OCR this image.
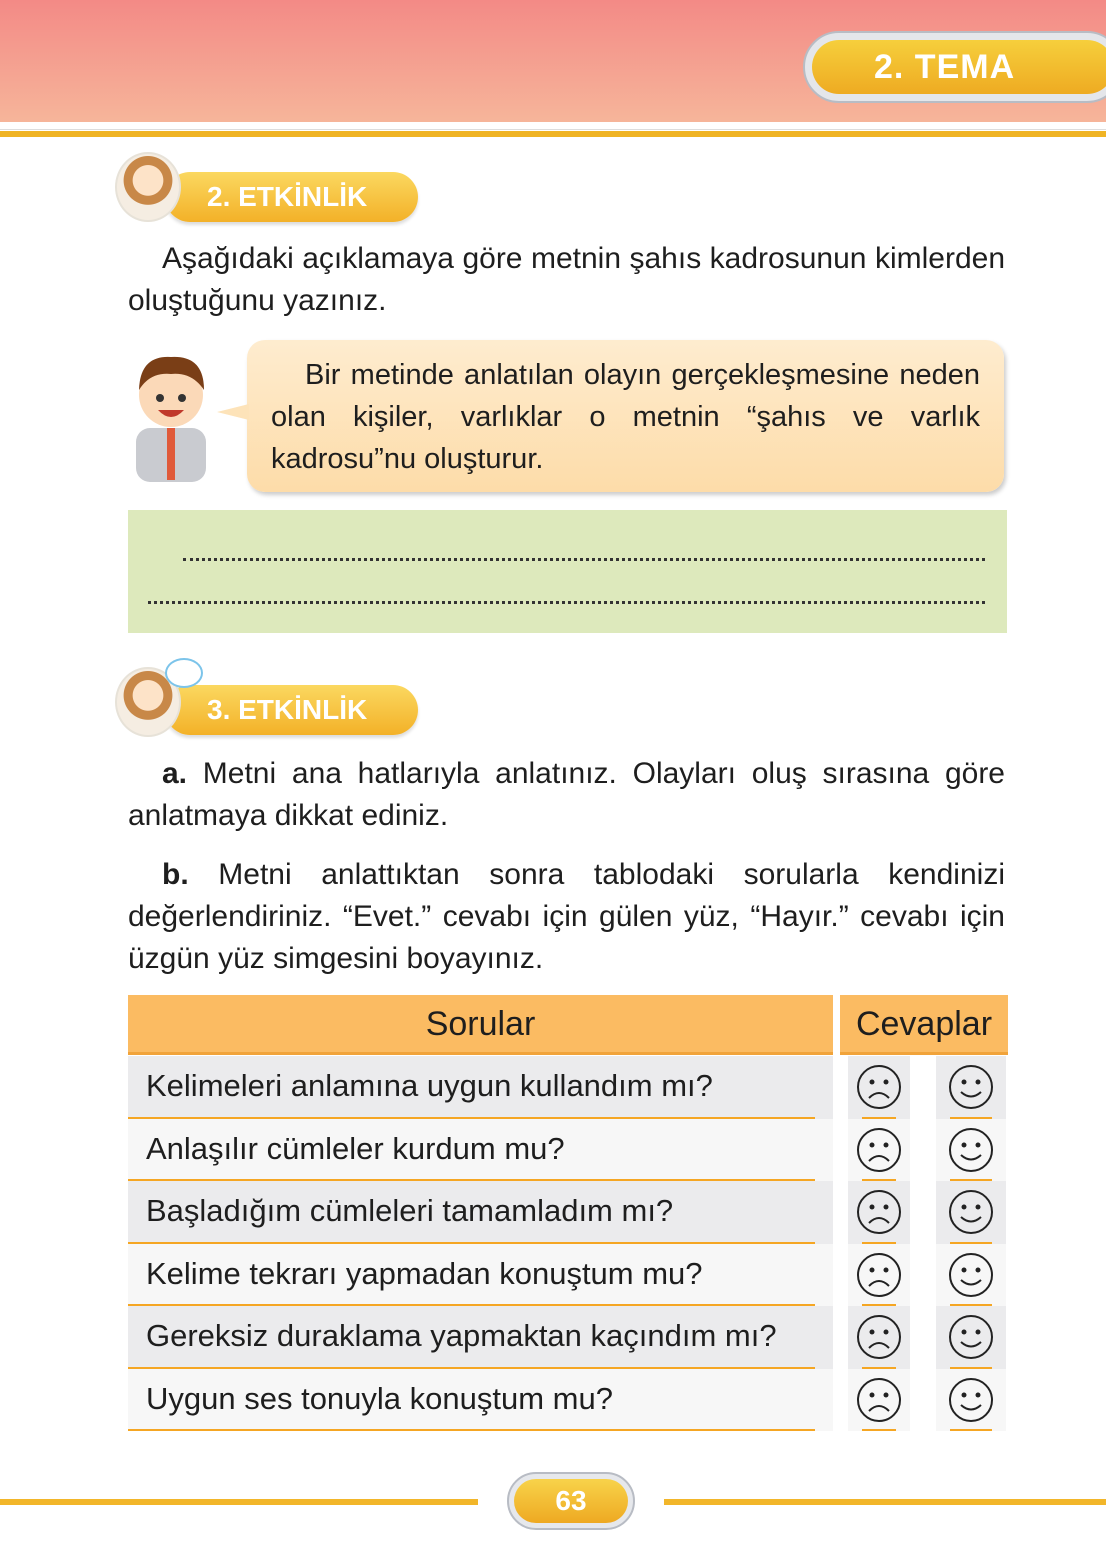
2. TEMA
2. ETKİNLİK
Aşağıdaki açıklamaya göre metnin şahıs kadrosunun kimlerden oluştuğunu yazınız.
Bir metinde anlatılan olayın gerçekleşmesine neden olan kişiler, varlıklar o metnin “şahıs ve varlık kadrosu”nu oluşturur.
3. ETKİNLİK
a. Metni ana hatlarıyla anlatınız. Olayları oluş sırasına göre anlatmaya dikkat ediniz.
b. Metni anlattıktan sonra tablodaki sorularla kendinizi değerlendiriniz. “Evet.” cevabı için gülen yüz, “Hayır.” cevabı için üzgün yüz simgesini boyayınız.
Sorular	Cevaplar
Kelimeleri anlamına uygun kullandım mı?
Anlaşılır cümleler kurdum mu?
Başladığım cümleleri tamamladım mı?
Kelime tekrarı yapmadan konuştum mu?
Gereksiz duraklama yapmaktan kaçındım mı?
Uygun ses tonuyla konuştum mu?
63
